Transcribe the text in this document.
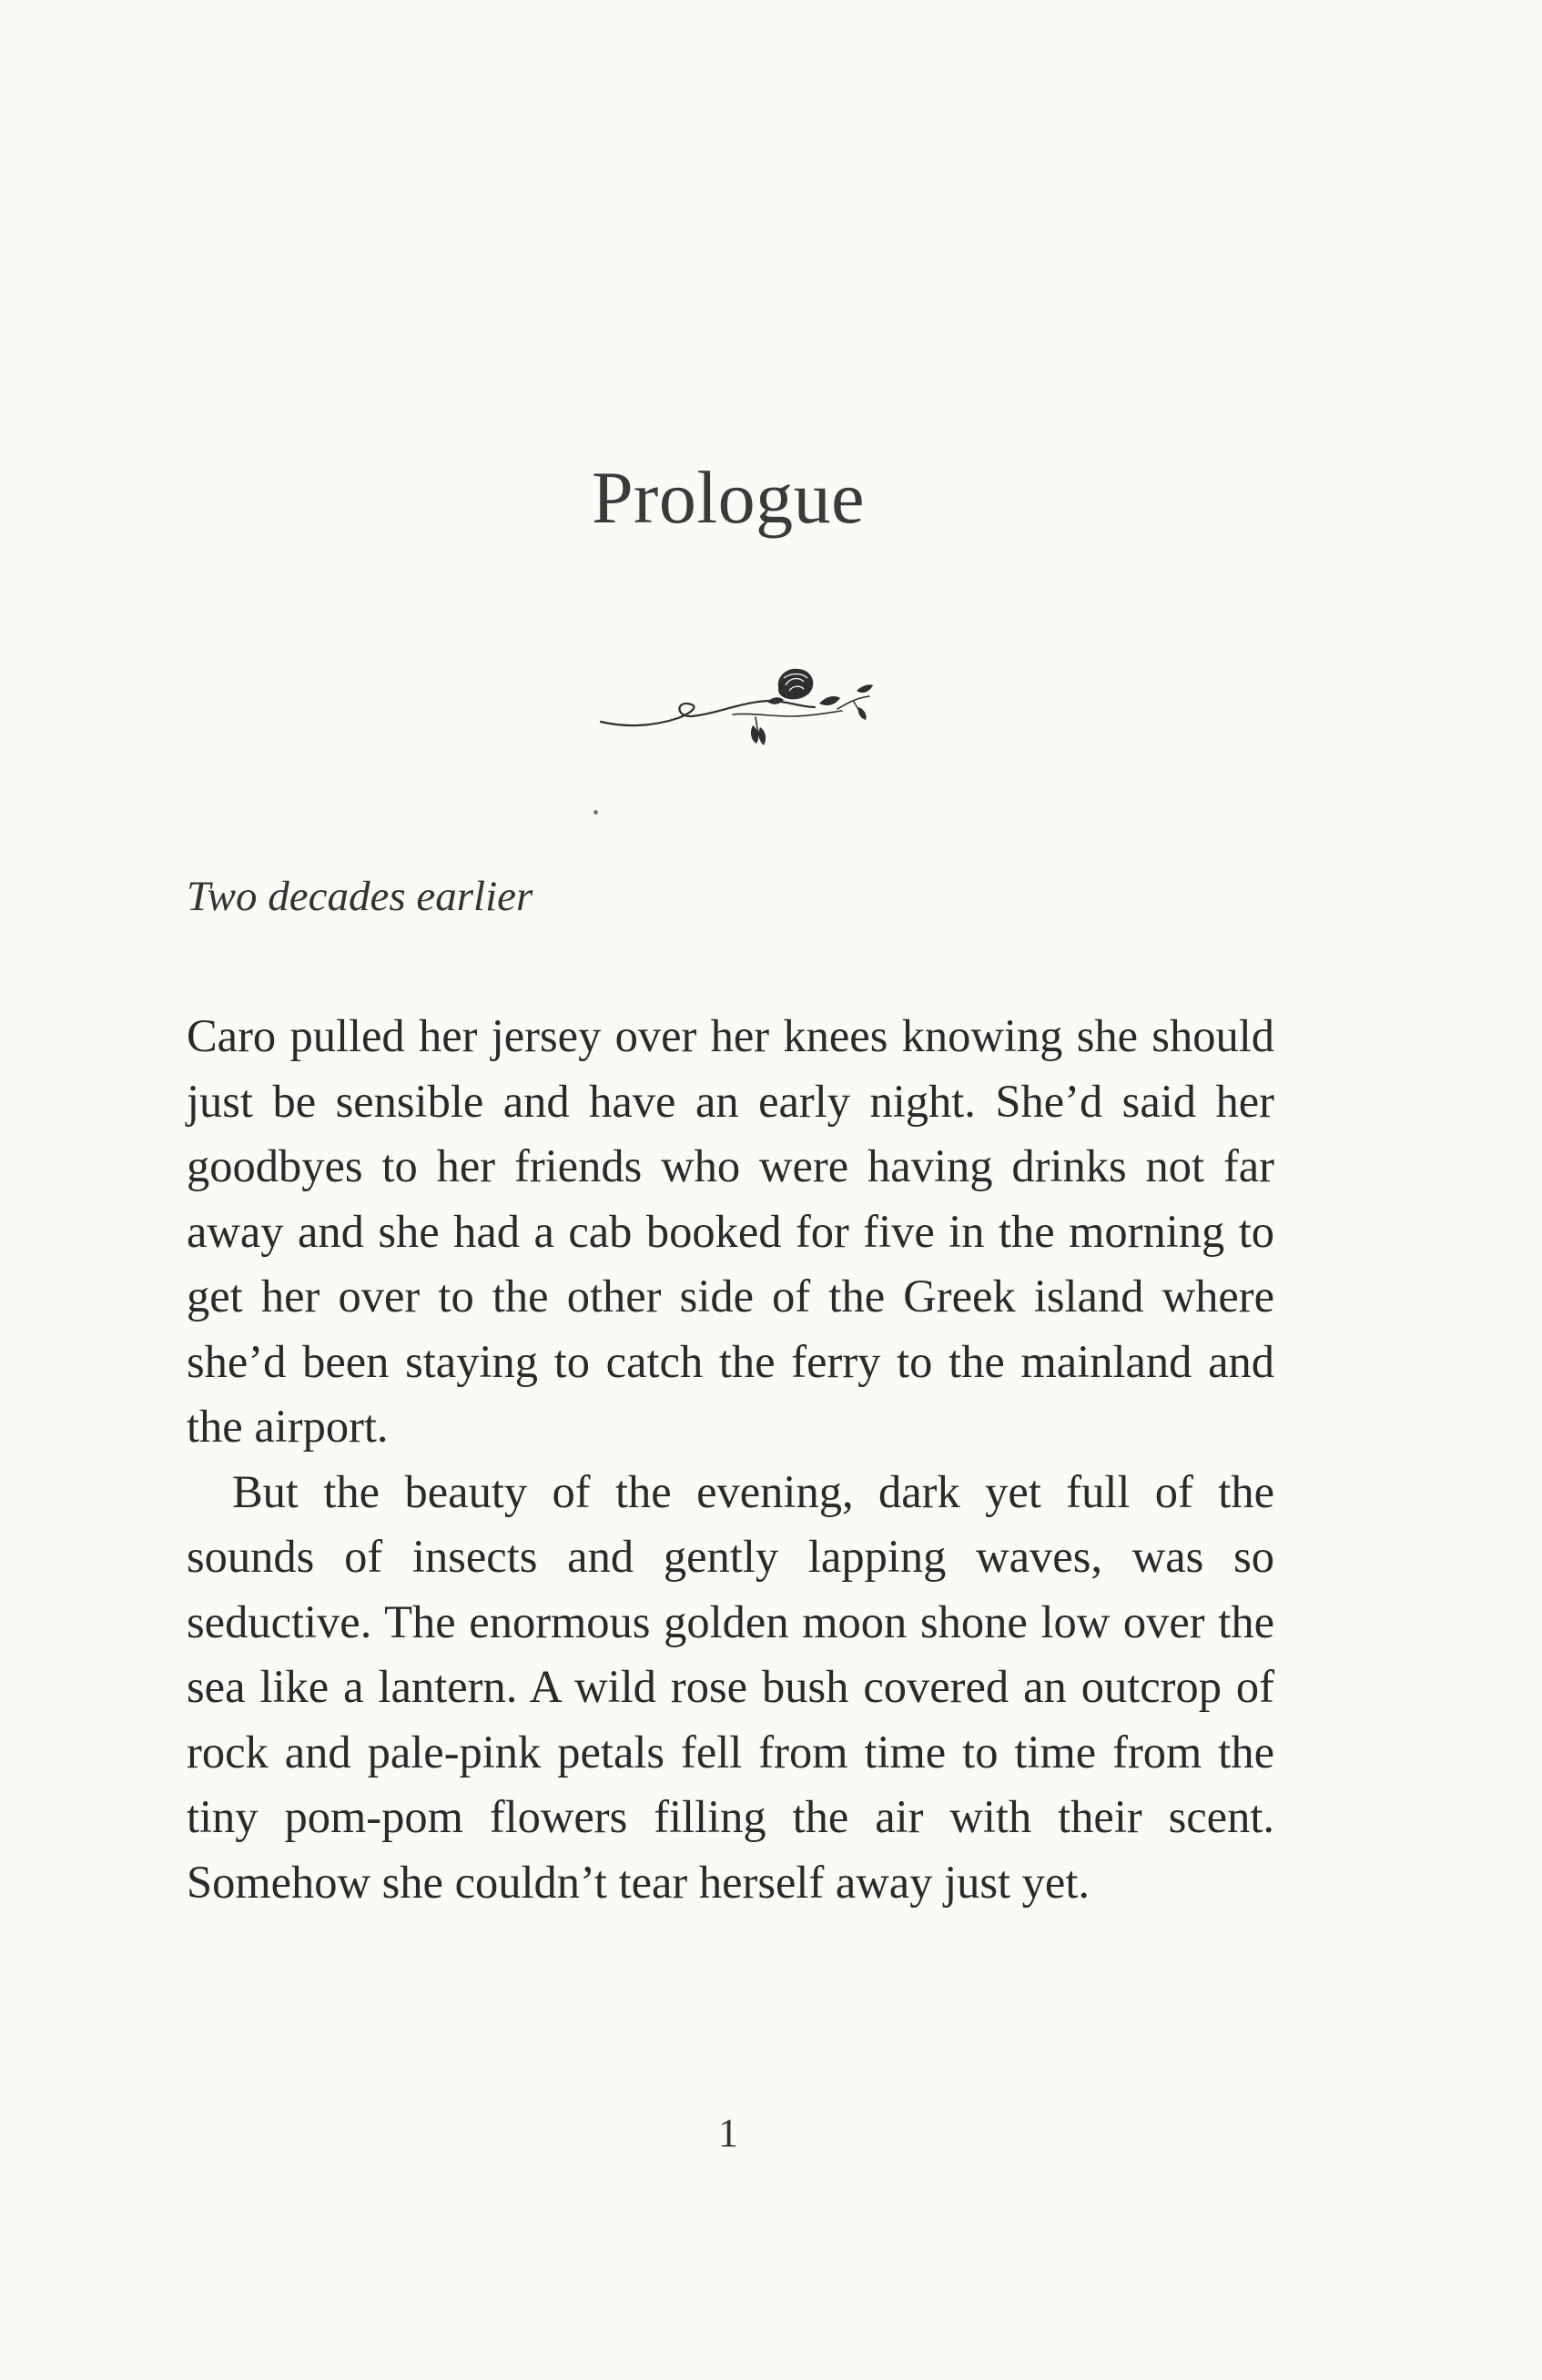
Prologue

Two decades earlier

Caro pulled her jersey over her knees knowing she should just be sensible and have an early night. She’d said her goodbyes to her friends who were having drinks not far away and she had a cab booked for five in the morning to get her over to the other side of the Greek island where she’d been staying to catch the ferry to the mainland and the airport.

But the beauty of the evening, dark yet full of the sounds of insects and gently lapping waves, was so seductive. The enormous golden moon shone low over the sea like a lantern. A wild rose bush covered an outcrop of rock and pale-pink petals fell from time to time from the tiny pom-pom flowers filling the air with their scent. Somehow she couldn’t tear herself away just yet.

1
